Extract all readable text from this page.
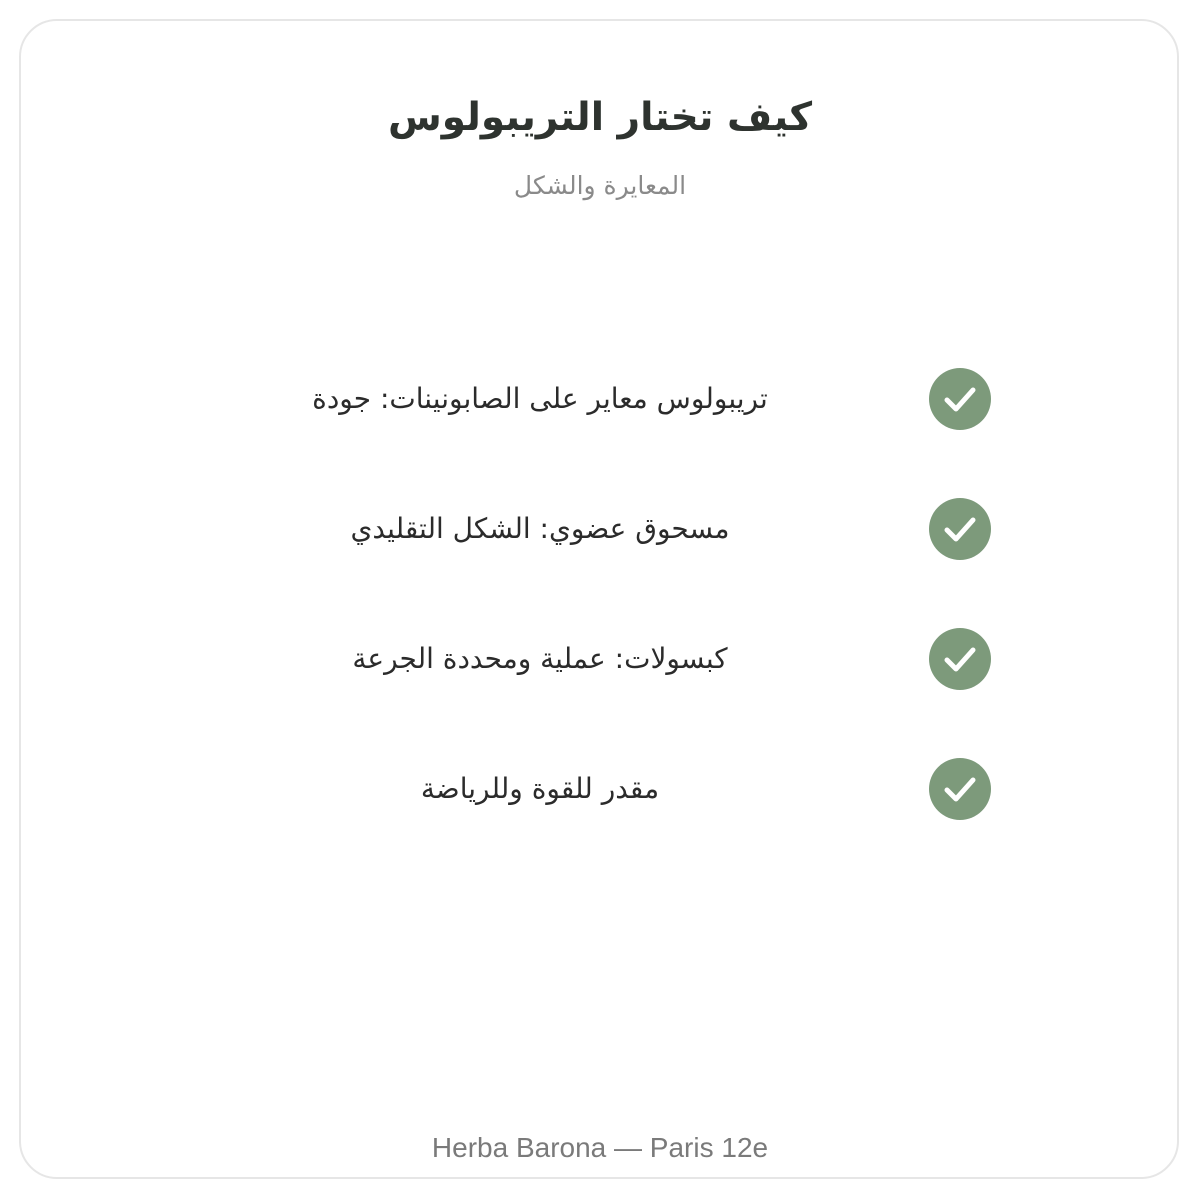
كيف تختار التريبولوس
المعايرة والشكل
تريبولوس معاير على الصابونينات: جودة
مسحوق عضوي: الشكل التقليدي
كبسولات: عملية ومحددة الجرعة
مقدر للقوة وللرياضة
Herba Barona — Paris 12e
